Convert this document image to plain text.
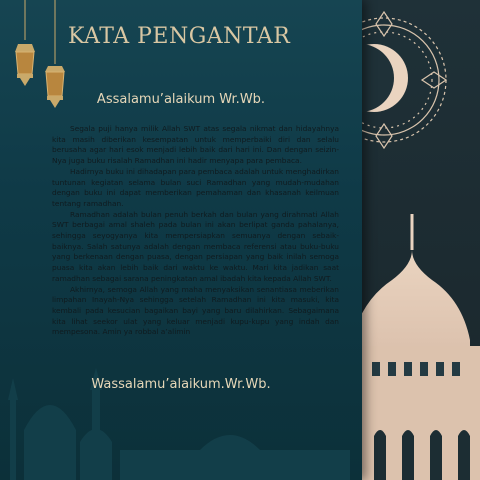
KATA PENGANTAR
Assalamu’alaikum Wr.Wb.

Segala puji hanya milik Allah SWT atas segala nikmat dan hidayahnya kita masih diberikan kesempatan untuk memperbaiki diri dan selalu berusaha agar hari esok menjadi lebih baik dari hari ini. Dan dengan seizin-Nya juga buku risalah Ramadhan ini hadir menyapa para pembaca.

Hadirnya buku ini dihadapan para pembaca adalah untuk menghadirkan tuntunan kegiatan selama bulan suci Ramadhan yang mudah-mudahan dengan buku ini dapat memberikan pemahaman dan khasanah keilmuan tentang ramadhan.

Ramadhan adalah bulan penuh berkah dan bulan yang dirahmati Allah SWT berbagai amal shaleh pada bulan ini akan berlipat ganda pahalanya, sehingga seyogyanya kita mempersiapkan semuanya dengan sebaik-baiknya. Salah satunya adalah dengan membaca referensi atau buku-buku yang berkenaan dengan puasa, dengan persiapan yang baik inilah semoga puasa kita akan lebih baik dari waktu ke waktu. Mari kita jadikan saat ramadhan sebagai sarana peningkatan amal ibadah kita kepada Allah SWT.

Akhirnya, semoga Allah yang maha menyaksikan senantiasa meberikan limpahan Inayah-Nya sehingga setelah Ramadhan ini kita masuki, kita kembali pada kesucian bagaikan bayi yang baru dilahirkan. Sebagaimana kita lihat seekor ulat yang keluar menjadi kupu-kupu yang indah dan mempesona. Amin ya robbal a’alimin

Wassalamu’alaikum.Wr.Wb.
